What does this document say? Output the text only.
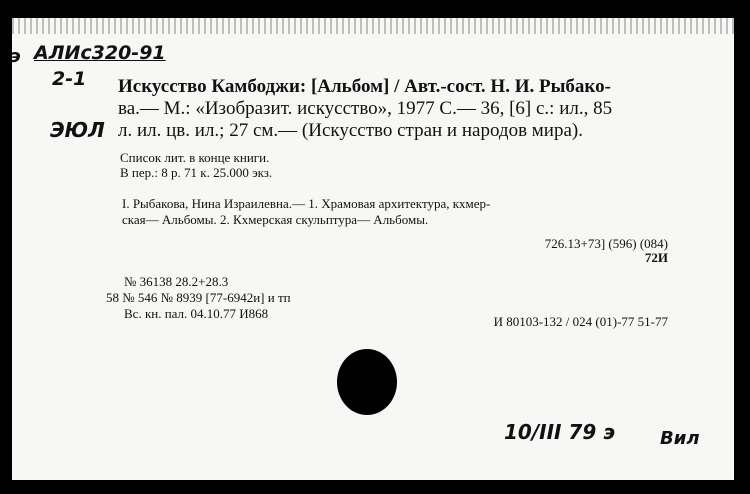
э АЛИс320-91
2-1
ЭЮЛ
Искусство Камбоджи: [Альбом] / Авт.-сост. Н. И. Рыбако-
ва.— М.: «Изобразит. искусство», 1977 С.— 36, [6] с.: ил., 85
л. ил. цв. ил.; 27 см.— (Искусство стран и народов мира).
Список лит. в конце книги.
В пер.: 8 р. 71 к. 25.000 экз.
I. Рыбакова, Нина Израилевна.— 1. Храмовая архитектура, кхмер-
ская— Альбомы. 2. Кхмерская скульптура— Альбомы.
726.13+73] (596) (084)
72И
№ 36138 28.2+28.3
58 № 546 № 8939 [77-6942и] и тп
Вс. кн. пал. 04.10.77 И868
И 80103-132 / 024 (01)-77 51-77
10/III 79 э Вил
